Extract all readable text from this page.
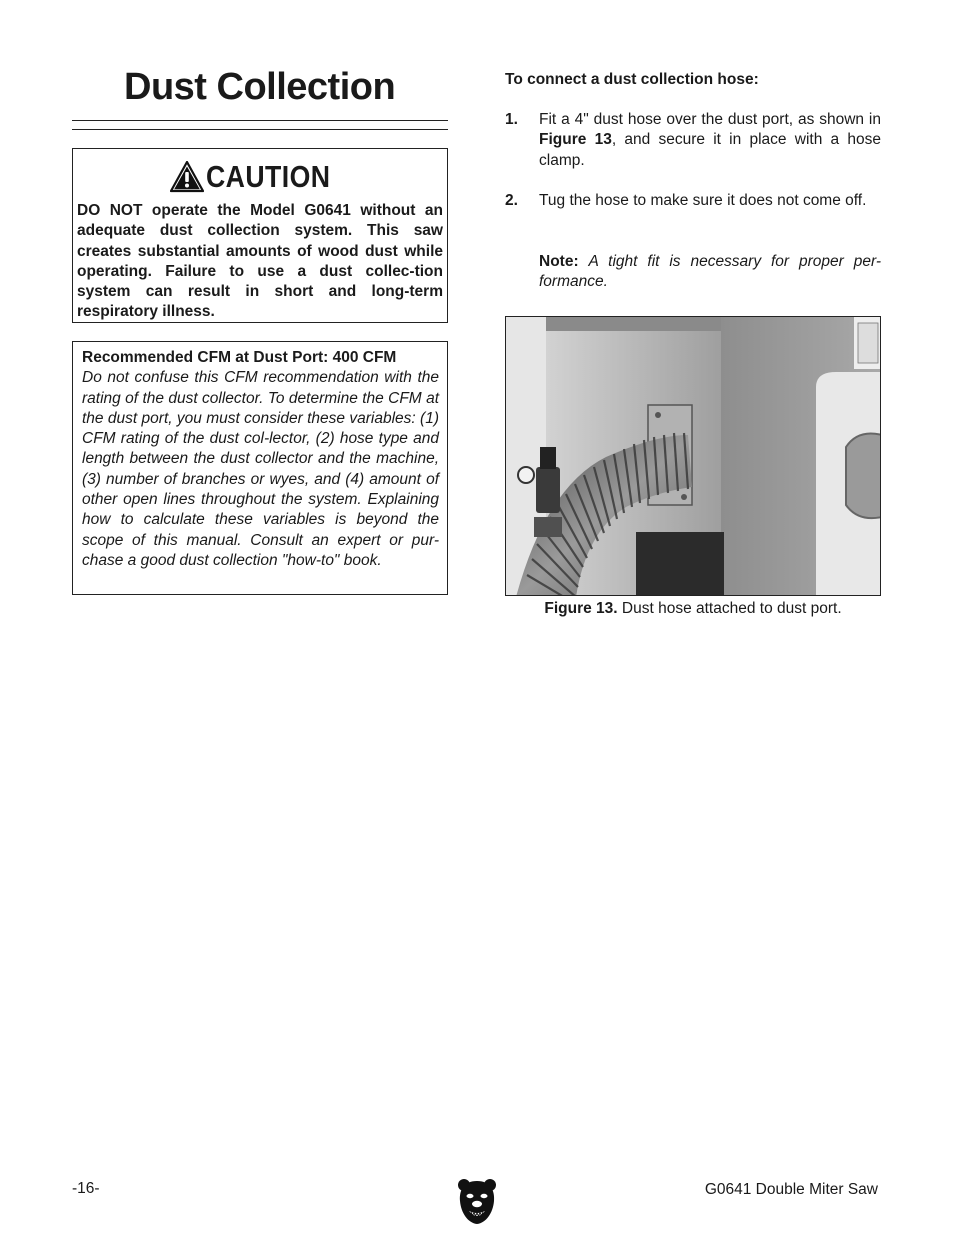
Dust Collection
CAUTION
DO NOT operate the Model G0641 without an adequate dust collection system. This saw creates substantial amounts of wood dust while operating. Failure to use a dust collec-tion system can result in short and long-term respiratory illness.
Recommended CFM at Dust Port: 400 CFM
Do not confuse this CFM recommendation with the rating of the dust collector. To determine the CFM at the dust port, you must consider these variables: (1) CFM rating of the dust col-lector, (2) hose type and length between the dust collector and the machine, (3) number of branches or wyes, and (4) amount of other open lines throughout the system. Explaining how to calculate these variables is beyond the scope of this manual. Consult an expert or pur-chase a good dust collection "how-to" book.
To connect a dust collection hose:
1.	Fit a 4" dust hose over the dust port, as shown in Figure 13, and secure it in place with a hose clamp.
2.	Tug the hose to make sure it does not come off.
Note: A tight fit is necessary for proper per-formance.
Figure 13. Dust hose attached to dust port.
-16-	G0641 Double Miter Saw
